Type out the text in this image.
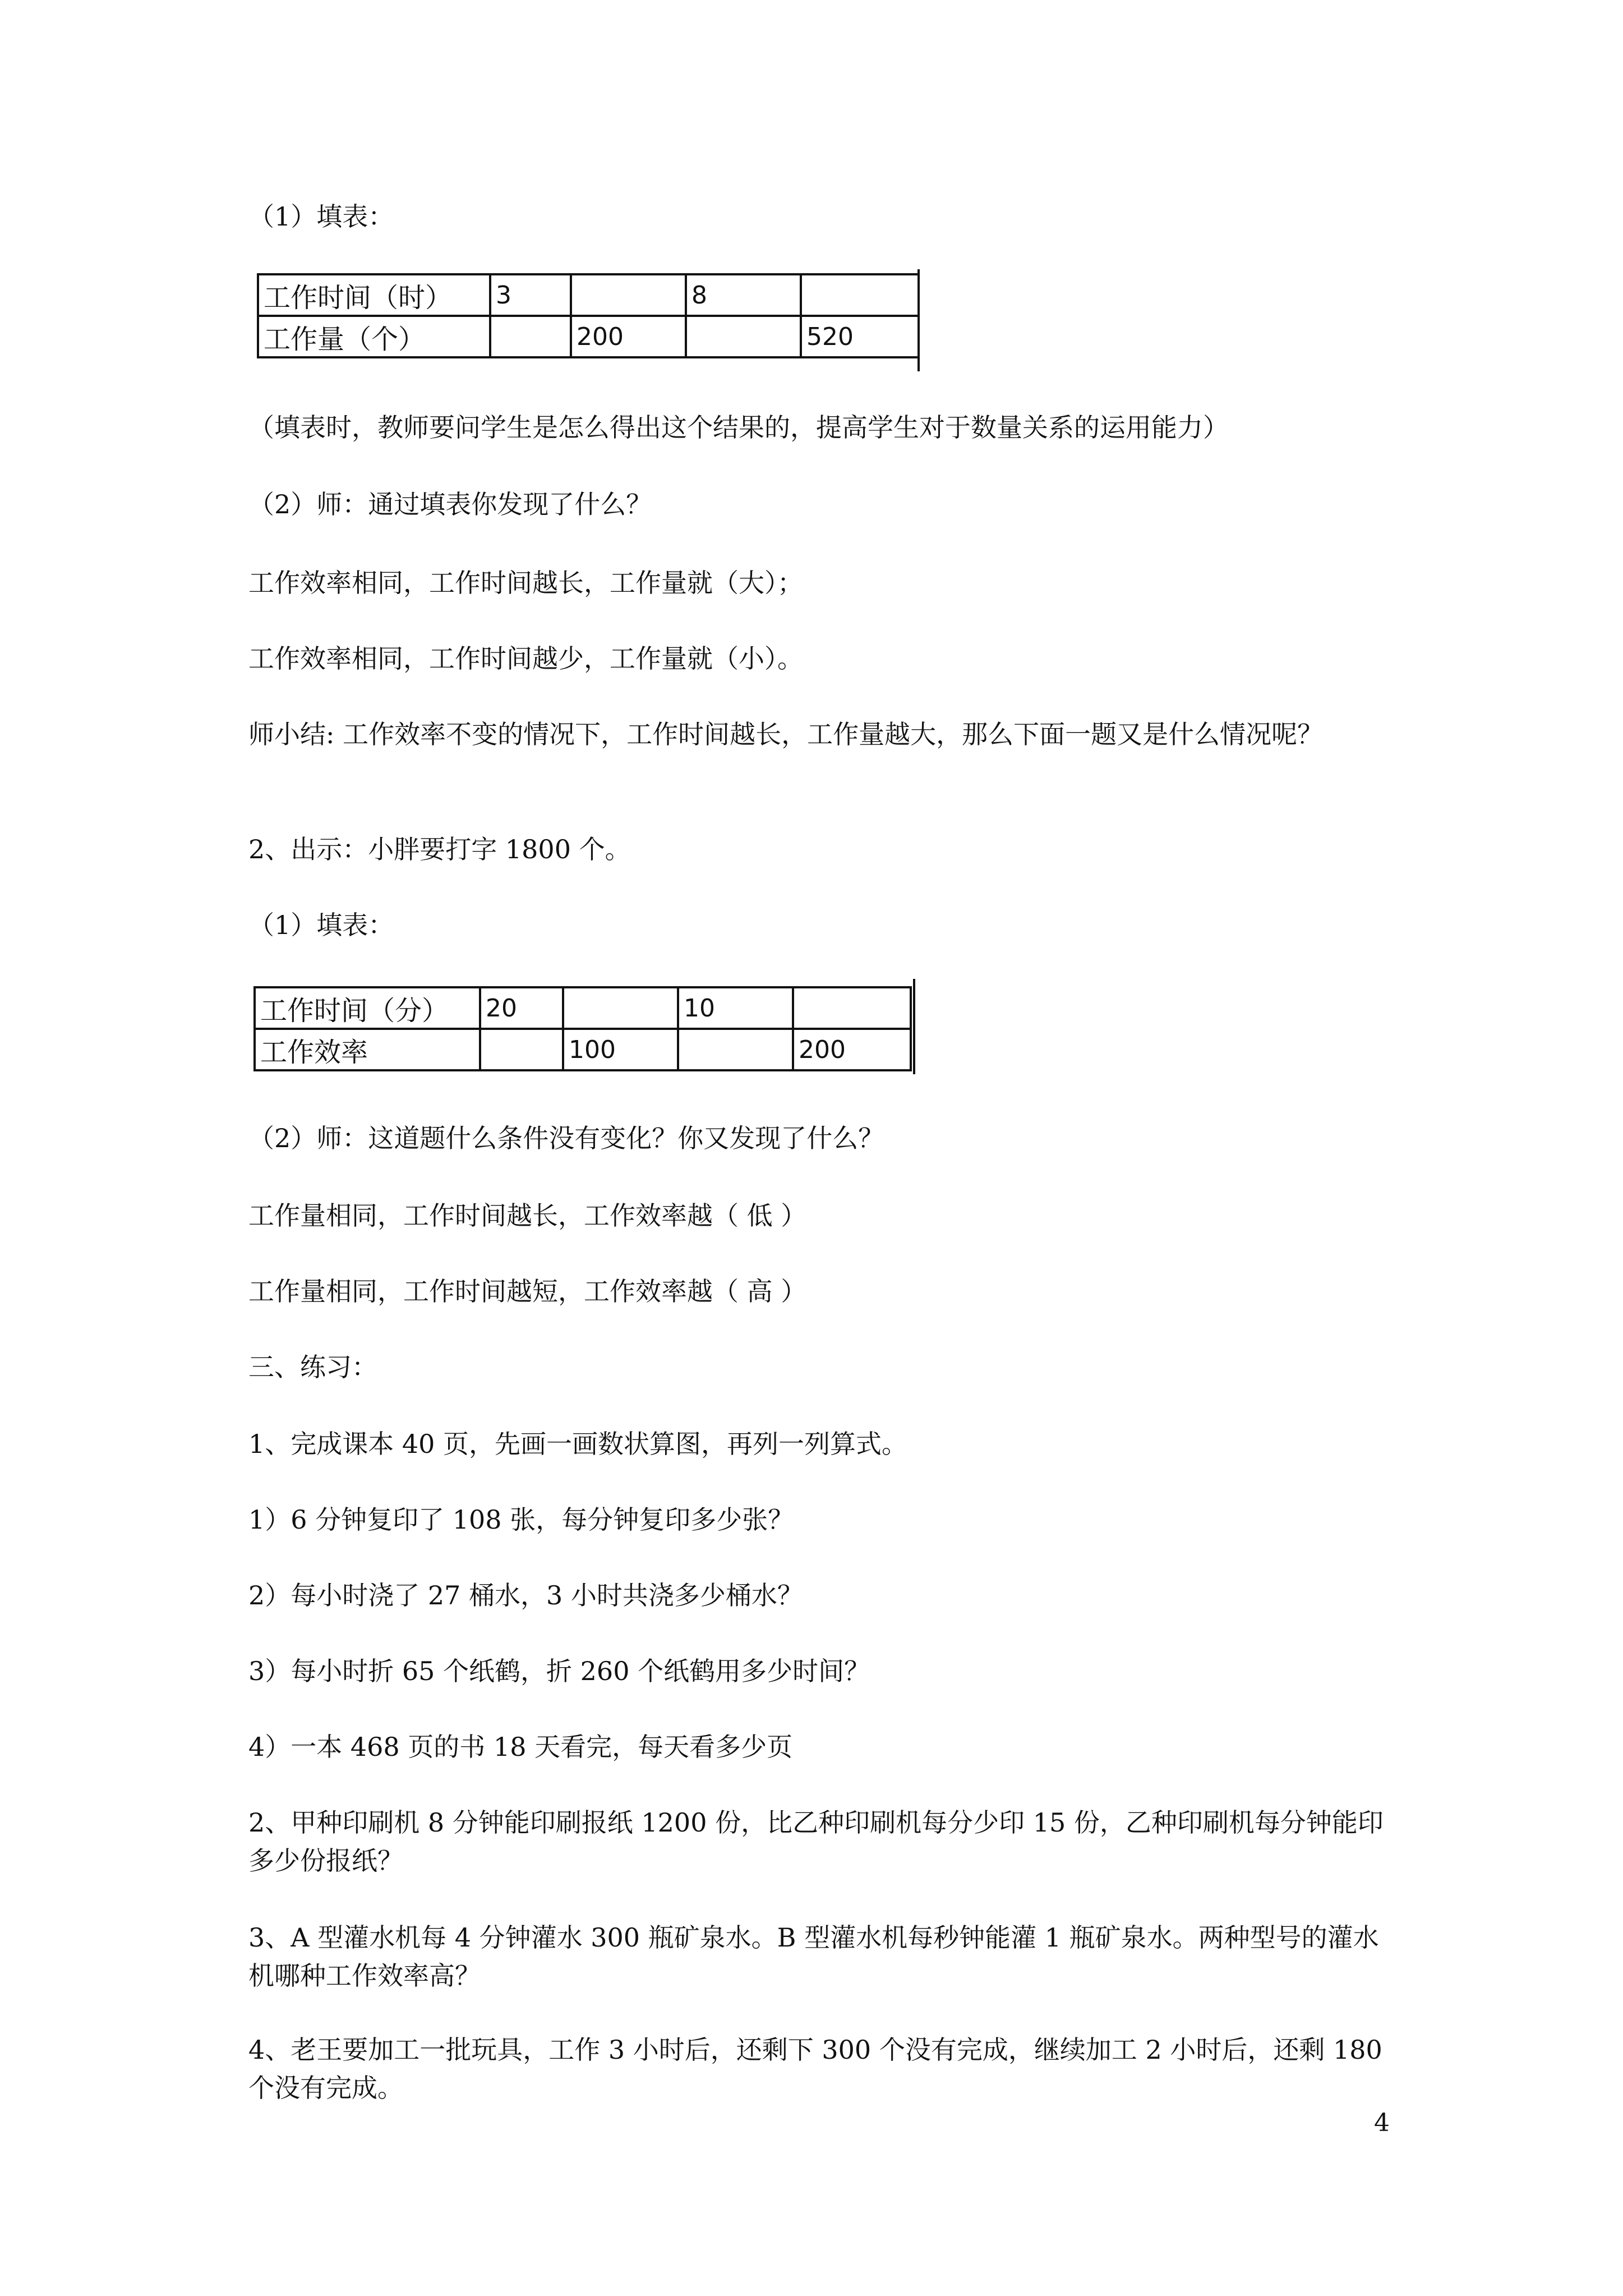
（1）填表：
工作时间（时）	3		8	
工作量（个）		200		520
（填表时，教师要问学生是怎么得出这个结果的，提高学生对于数量关系的运用能力）
（2）师：通过填表你发现了什么？
工作效率相同，工作时间越长，工作量就（大）；
工作效率相同，工作时间越少，工作量就（小）。
师小结: 工作效率不变的情况下，工作时间越长，工作量越大，那么下面一题又是什么情况呢？
2、出示：小胖要打字 1800 个。
（1）填表：
工作时间（分）	20		10	
工作效率		100		200
（2）师：这道题什么条件没有变化？你又发现了什么？
工作量相同，工作时间越长，工作效率越（ 低 ）
工作量相同，工作时间越短，工作效率越（ 高 ）
三、练习：
1、完成课本 40 页，先画一画数状算图，再列一列算式。
1）6 分钟复印了 108 张，每分钟复印多少张？
2）每小时浇了 27 桶水，3 小时共浇多少桶水？
3）每小时折 65 个纸鹤，折 260 个纸鹤用多少时间？
4）一本 468 页的书 18 天看完，每天看多少页
2、甲种印刷机 8 分钟能印刷报纸 1200 份，比乙种印刷机每分少印 15 份，乙种印刷机每分钟能印多少份报纸？
3、A 型灌水机每 4 分钟灌水 300 瓶矿泉水。B 型灌水机每秒钟能灌 1 瓶矿泉水。两种型号的灌水机哪种工作效率高？
4、老王要加工一批玩具，工作 3 小时后，还剩下 300 个没有完成，继续加工 2 小时后，还剩 180 个没有完成。
4
